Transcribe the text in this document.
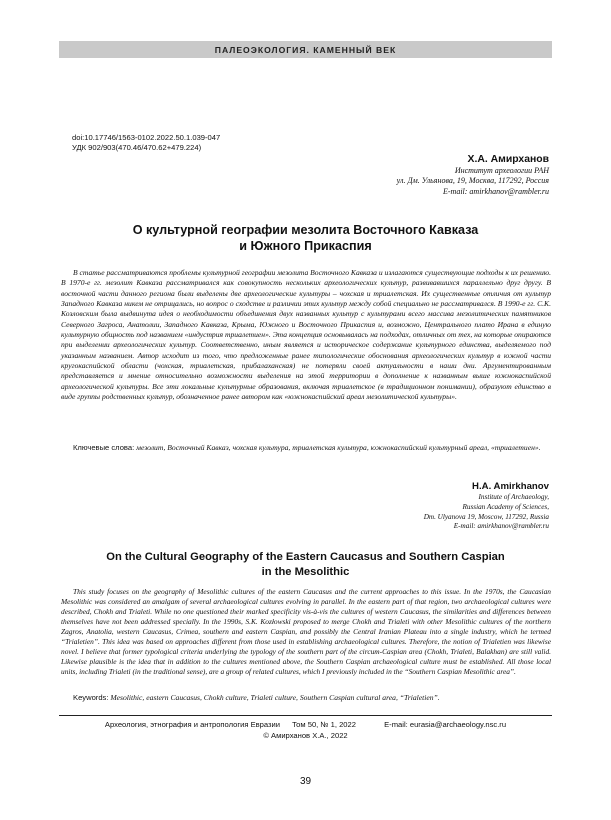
ПАЛЕОЭКОЛОГИЯ. КАМЕННЫЙ ВЕК
doi:10.17746/1563-0102.2022.50.1.039-047
УДК 902/903(470.46/470.62+479.224)
Х.А. Амирханов
Институт археологии РАН
ул. Дм. Ульянова, 19, Москва, 117292, Россия
E-mail: amirkhanov@rambler.ru
О культурной географии мезолита Восточного Кавказа
и Южного Прикаспия
В статье рассматриваются проблемы культурной географии мезолита Восточного Кавказа и излагаются существующие подходы к их решению. В 1970-е гг. мезолит Кавказа рассматривался как совокупность нескольких археологических культур, развивавшихся параллельно друг другу. В восточной части данного региона были выделены две археологические культуры – чохская и триалетская. Их существенные отличия от культур Западного Кавказа никем не отрицались, но вопрос о сходстве и различии этих культур между собой специально не рассматривался. В 1990-е гг. С.К. Козловским была выдвинута идея о необходимости объединения двух названных культур с культурами всего массива мезолитических памятников Северного Загроса, Анатолии, Западного Кавказа, Крыма, Южного и Восточного Прикаспия и, возможно, Центрального плато Ирана в единую культурную общность под названием «индустрия триалетиен». Эта концепция основывалась на подходах, отличных от тех, на которые опираются при выделении археологических культур. Соответственно, иным является и историческое содержание культурного единства, выделяемого под указанным названием. Автор исходит из того, что предложенные ранее типологические обоснования археологических культур в южной части кругокаспийской области (чохская, триалетская, прибалаханская) не потеряли своей актуальности в наши дни. Аргументированным представляется и мнение относительно возможности выделения на этой территории в дополнение к названным выше южнокаспийской археологической культуры. Все эти локальные культурные образования, включая триалетское (в традиционном понимании), образуют единство в виде группы родственных культур, обозначенное ранее автором как «южнокаспийский ареал мезолитической культуры».
Ключевые слова: мезолит, Восточный Кавказ, чохская культура, триалетская культура, южнокаспийский культурный ареал, «триалетиен».
H.A. Amirkhanov
Institute of Archaeology,
Russian Academy of Sciences,
Dm. Ulyanova 19, Moscow, 117292, Russia
E-mail: amirkhanov@rambler.ru
On the Cultural Geography of the Eastern Caucasus and Southern Caspian
in the Mesolithic
This study focuses on the geography of Mesolithic cultures of the eastern Caucasus and the current approaches to this issue. In the 1970s, the Caucasian Mesolithic was considered an amalgam of several archaeological cultures evolving in parallel. In the eastern part of that region, two archaeological cultures were described, Chokh and Trialeti. While no one questioned their marked specificity vis-à-vis the cultures of western Caucasus, the similarities and differences between themselves have not been addressed specially. In the 1990s, S.K. Kozłowski proposed to merge Chokh and Trialeti with other Mesolithic cultures of the northern Zagros, Anatolia, western Caucasus, Crimea, southern and eastern Caspian, and possibly the Central Iranian Plateau into a single industry, which he termed “Trialetien”. This idea was based on approaches different from those used in establishing archaeological cultures. Therefore, the notion of Trialetien was likewise novel. I believe that former typological criteria underlying the typology of the southern part of the circum-Caspian area (Chokh, Trialeti, Balakhan) are still valid. Likewise plausible is the idea that in addition to the cultures mentioned above, the Southern Caspian archaeological culture must be established. All those local units, including Trialeti (in the traditional sense), are a group of related cultures, which I previously included in the “Southern Caspian Mesolithic area”.
Keywords: Mesolithic, eastern Caucasus, Chokh culture, Trialeti culture, Southern Caspian cultural area, “Trialetien”.
Археология, этнография и антропология Евразии Том 50, № 1, 2022	E-mail: eurasia@archaeology.nsc.ru
© Амирханов Х.А., 2022
39
